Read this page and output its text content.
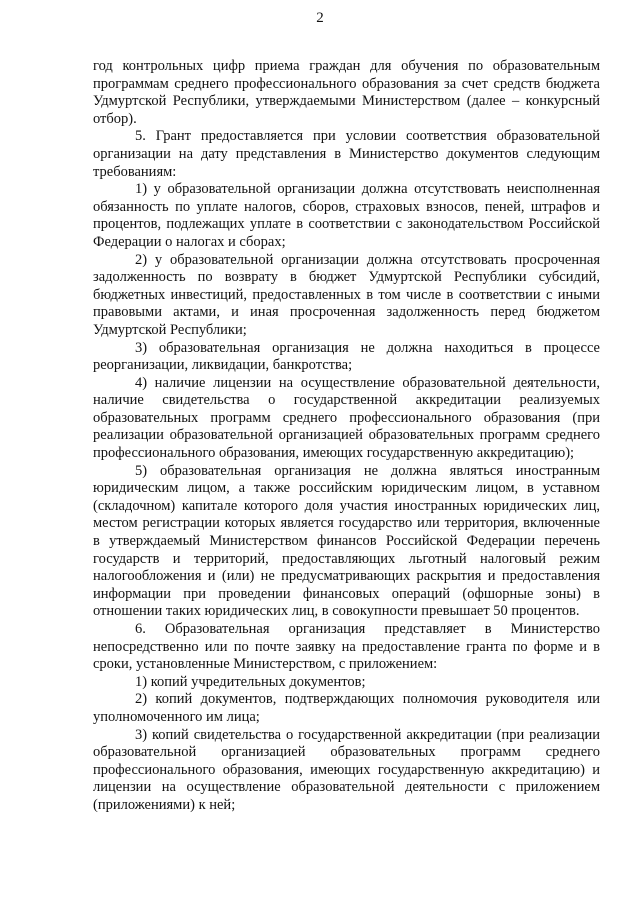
2

год контрольных цифр приема граждан для обучения по образовательным программам среднего профессионального образования за счет средств бюджета Удмуртской Республики, утверждаемыми Министерством (далее – конкурсный отбор).

5. Грант предоставляется при условии соответствия образовательной организации на дату представления в Министерство документов следующим требованиям:

1) у образовательной организации должна отсутствовать неисполненная обязанность по уплате налогов, сборов, страховых взносов, пеней, штрафов и процентов, подлежащих уплате в соответствии с законодательством Российской Федерации о налогах и сборах;

2) у образовательной организации должна отсутствовать просроченная задолженность по возврату в бюджет Удмуртской Республики субсидий, бюджетных инвестиций, предоставленных в том числе в соответствии с иными правовыми актами, и иная просроченная задолженность перед бюджетом Удмуртской Республики;

3) образовательная организация не должна находиться в процессе реорганизации, ликвидации, банкротства;

4) наличие лицензии на осуществление образовательной деятельности, наличие свидетельства о государственной аккредитации реализуемых образовательных программ среднего профессионального образования (при реализации образовательной организацией образовательных программ среднего профессионального образования, имеющих государственную аккредитацию);

5) образовательная организация не должна являться иностранным юридическим лицом, а также российским юридическим лицом, в уставном (складочном) капитале которого доля участия иностранных юридических лиц, местом регистрации которых является государство или территория, включенные в утверждаемый Министерством финансов Российской Федерации перечень государств и территорий, предоставляющих льготный налоговый режим налогообложения и (или) не предусматривающих раскрытия и предоставления информации при проведении финансовых операций (офшорные зоны) в отношении таких юридических лиц, в совокупности превышает 50 процентов.

6. Образовательная организация представляет в Министерство непосредственно или по почте заявку на предоставление гранта по форме и в сроки, установленные Министерством, с приложением:

1) копий учредительных документов;

2) копий документов, подтверждающих полномочия руководителя или уполномоченного им лица;

3) копий свидетельства о государственной аккредитации (при реализации образовательной организацией образовательных программ среднего профессионального образования, имеющих государственную аккредитацию) и лицензии на осуществление образовательной деятельности с приложением (приложениями) к ней;
